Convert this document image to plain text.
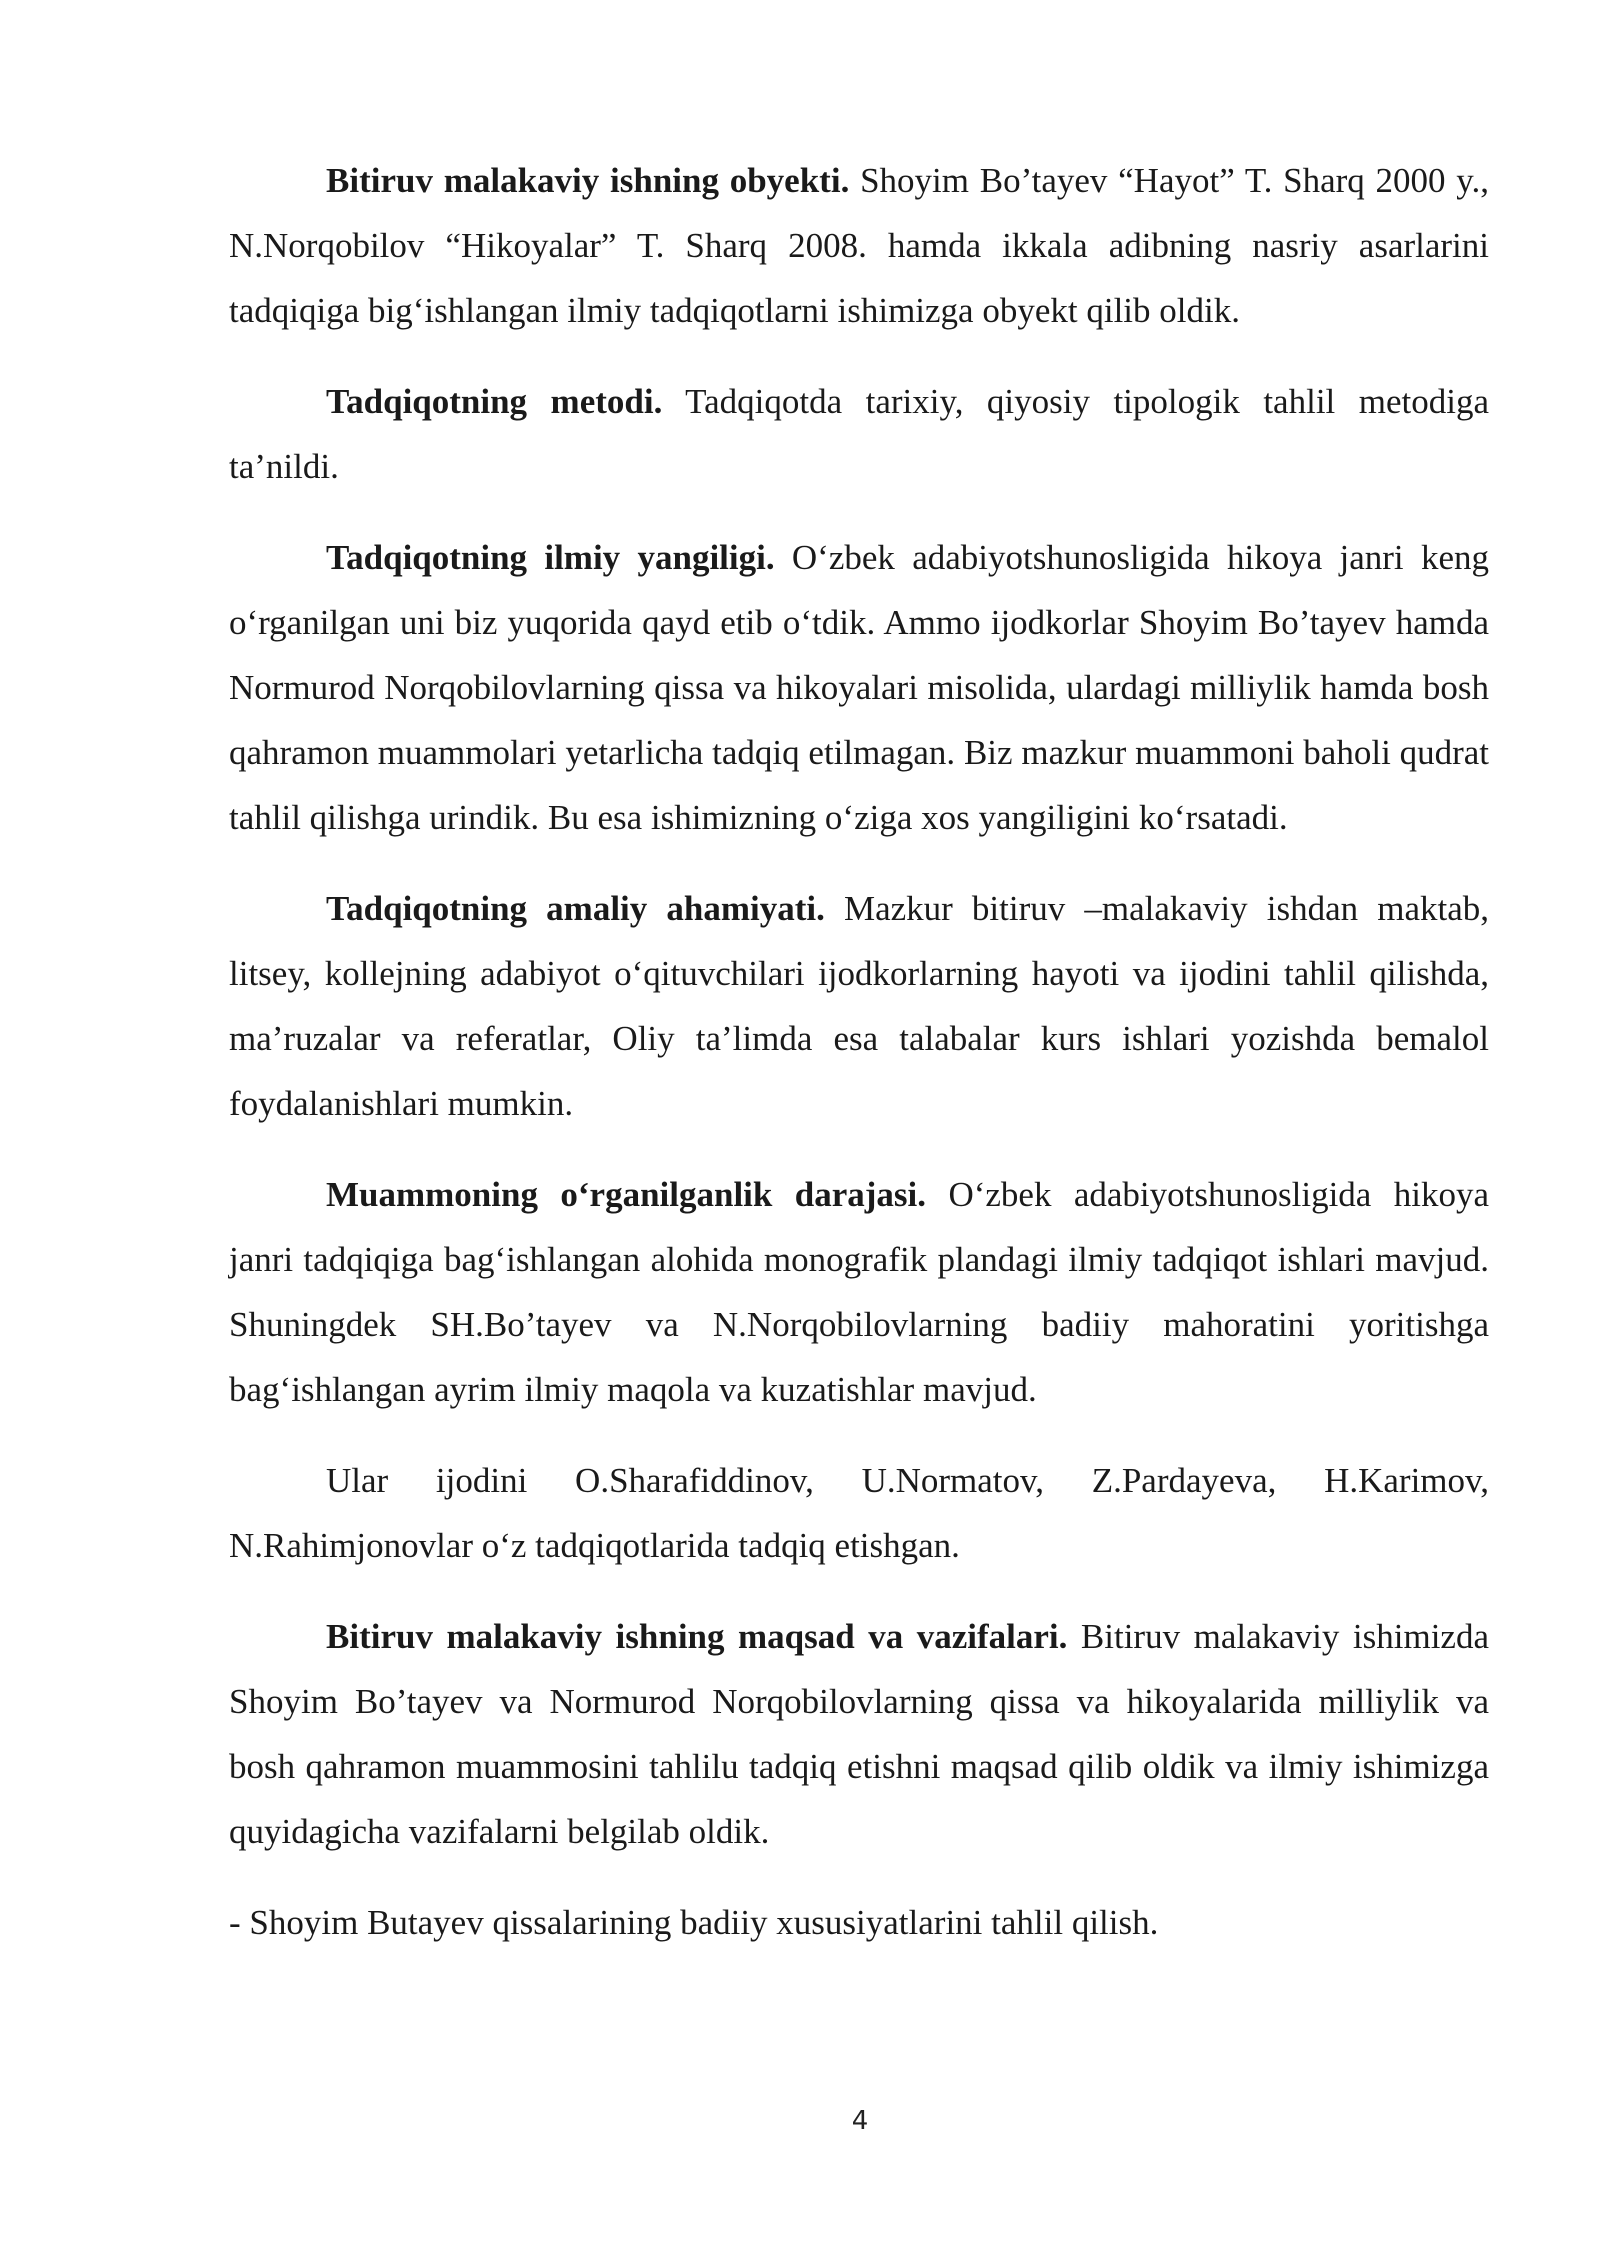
Bitiruv malakaviy ishning obyekti. Shoyim Bo’tayev “Hayot” T. Sharq 2000 y., N.Norqobilov “Hikoyalar” T. Sharq 2008. hamda ikkala adibning nasriy asarlarini tadqiqiga big‘ishlangan ilmiy tadqiqotlarni ishimizga obyekt qilib oldik.

Tadqiqotning metodi. Tadqiqotda tarixiy, qiyosiy tipologik tahlil metodiga ta’nildi.

Tadqiqotning ilmiy yangiligi. O‘zbek adabiyotshunosligida hikoya janri keng o‘rganilgan uni biz yuqorida qayd etib o‘tdik. Ammo ijodkorlar Shoyim Bo’tayev hamda Normurod Norqobilovlarning qissa va hikoyalari misolida, ulardagi milliylik hamda bosh qahramon muammolari yetarlicha tadqiq etilmagan. Biz mazkur muammoni baholi qudrat tahlil qilishga urindik. Bu esa ishimizning o‘ziga xos yangiligini ko‘rsatadi.

Tadqiqotning amaliy ahamiyati. Mazkur bitiruv –malakaviy ishdan maktab, litsey, kollejning adabiyot o‘qituvchilari ijodkorlarning hayoti va ijodini tahlil qilishda, ma’ruzalar va referatlar, Oliy ta’limda esa talabalar kurs ishlari yozishda bemalol foydalanishlari mumkin.

Muammoning o‘rganilganlik darajasi. O‘zbek adabiyotshunosligida hikoya janri tadqiqiga bag‘ishlangan alohida monografik plandagi ilmiy tadqiqot ishlari mavjud. Shuningdek SH.Bo’tayev va N.Norqobilovlarning badiiy mahoratini yoritishga bag‘ishlangan ayrim ilmiy maqola va kuzatishlar mavjud.

Ular ijodini O.Sharafiddinov, U.Normatov, Z.Pardayeva, H.Karimov, N.Rahimjonovlar o‘z tadqiqotlarida tadqiq etishgan.

Bitiruv malakaviy ishning maqsad va vazifalari. Bitiruv malakaviy ishimizda Shoyim Bo’tayev va Normurod Norqobilovlarning qissa va hikoyalarida milliylik va bosh qahramon muammosini tahlilu tadqiq etishni maqsad qilib oldik va ilmiy ishimizga quyidagicha vazifalarni belgilab oldik.

- Shoyim Butayev qissalarining badiiy xususiyatlarini tahlil qilish.

4
